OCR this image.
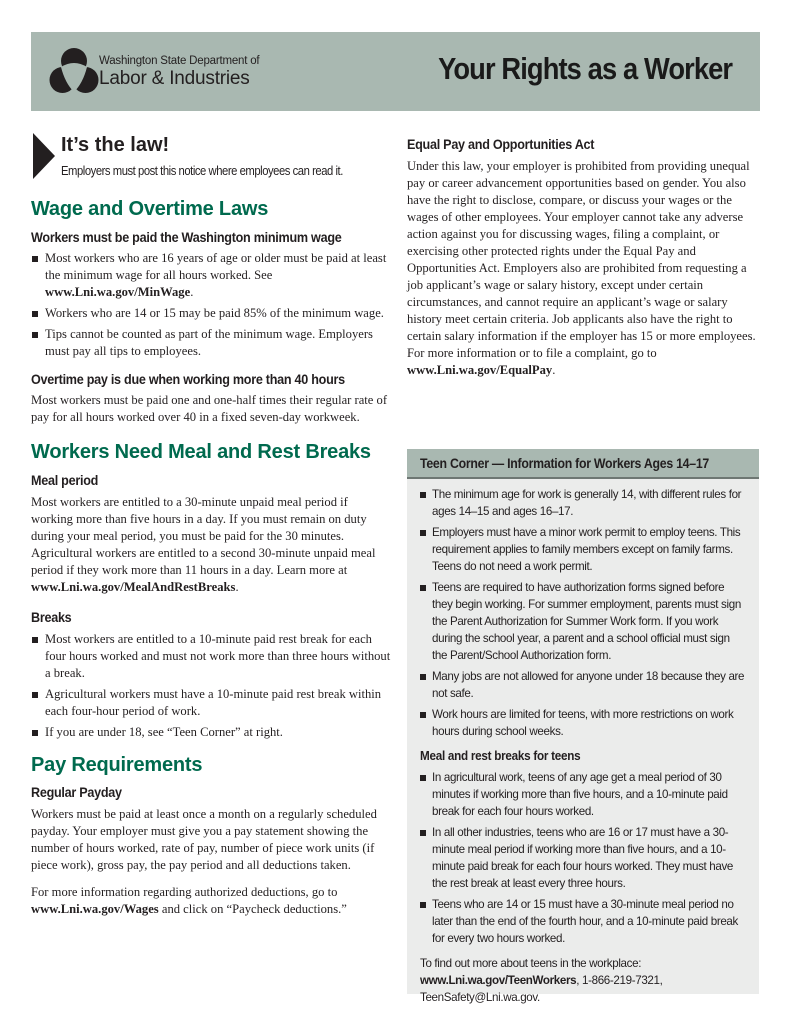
Washington State Department of
Labor & Industries	Your Rights as a Worker
It’s the law!
Employers must post this notice where employees can read it.
Wage and Overtime Laws
Workers must be paid the Washington minimum wage
Most workers who are 16 years of age or older must be paid at least the minimum wage for all hours worked. See www.Lni.wa.gov/MinWage.
Workers who are 14 or 15 may be paid 85% of the minimum wage.
Tips cannot be counted as part of the minimum wage. Employers must pay all tips to employees.
Overtime pay is due when working more than 40 hours
Most workers must be paid one and one-half times their regular rate of pay for all hours worked over 40 in a fixed seven-day workweek.
Workers Need Meal and Rest Breaks
Meal period
Most workers are entitled to a 30-minute unpaid meal period if working more than five hours in a day. If you must remain on duty during your meal period, you must be paid for the 30 minutes. Agricultural workers are entitled to a second 30-minute unpaid meal period if they work more than 11 hours in a day. Learn more at www.Lni.wa.gov/MealAndRestBreaks.
Breaks
Most workers are entitled to a 10-minute paid rest break for each four hours worked and must not work more than three hours without a break.
Agricultural workers must have a 10-minute paid rest break within each four-hour period of work.
If you are under 18, see “Teen Corner” at right.
Pay Requirements
Regular Payday
Workers must be paid at least once a month on a regularly scheduled payday. Your employer must give you a pay statement showing the number of hours worked, rate of pay, number of piece work units (if piece work), gross pay, the pay period and all deductions taken.
For more information regarding authorized deductions, go to www.Lni.wa.gov/Wages and click on “Paycheck deductions.”
Equal Pay and Opportunities Act
Under this law, your employer is prohibited from providing unequal pay or career advancement opportunities based on gender. You also have the right to disclose, compare, or discuss your wages or the wages of other employees. Your employer cannot take any adverse action against you for discussing wages, filing a complaint, or exercising other protected rights under the Equal Pay and Opportunities Act. Employers also are prohibited from requesting a job applicant’s wage or salary history, except under certain circumstances, and cannot require an applicant’s wage or salary history meet certain criteria. Job applicants also have the right to certain salary information if the employer has 15 or more employees. For more information or to file a complaint, go to www.Lni.wa.gov/EqualPay.
Teen Corner — Information for Workers Ages 14–17
The minimum age for work is generally 14, with different rules for ages 14–15 and ages 16–17.
Employers must have a minor work permit to employ teens. This requirement applies to family members except on family farms. Teens do not need a work permit.
Teens are required to have authorization forms signed before they begin working. For summer employment, parents must sign the Parent Authorization for Summer Work form. If you work during the school year, a parent and a school official must sign the Parent/School Authorization form.
Many jobs are not allowed for anyone under 18 because they are not safe.
Work hours are limited for teens, with more restrictions on work hours during school weeks.
Meal and rest breaks for teens
In agricultural work, teens of any age get a meal period of 30 minutes if working more than five hours, and a 10-minute paid break for each four hours worked.
In all other industries, teens who are 16 or 17 must have a 30-minute meal period if working more than five hours, and a 10-minute paid break for each four hours worked. They must have the rest break at least every three hours.
Teens who are 14 or 15 must have a 30-minute meal period no later than the end of the fourth hour, and a 10-minute paid break for every two hours worked.
To find out more about teens in the workplace: www.Lni.wa.gov/TeenWorkers, 1-866-219-7321, TeenSafety@Lni.wa.gov.
